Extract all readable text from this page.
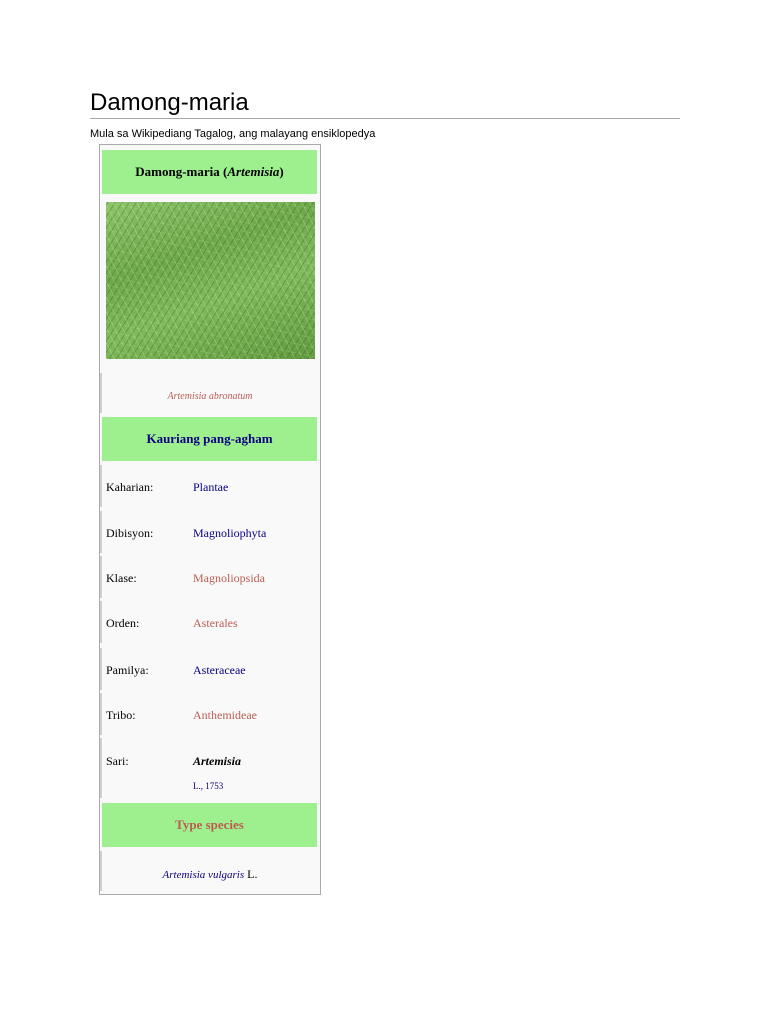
Damong-maria
Mula sa Wikipediang Tagalog, ang malayang ensiklopedya
Damong-maria (Artemisia)
Artemisia abronatum
Kauriang pang-agham
Kaharian:	Plantae
Dibisyon:	Magnoliophyta
Klase:	Magnoliopsida
Orden:	Asterales
Pamilya:	Asteraceae
Tribo:	Anthemideae
Sari:	Artemisia
L., 1753
Type species
Artemisia vulgaris L.
